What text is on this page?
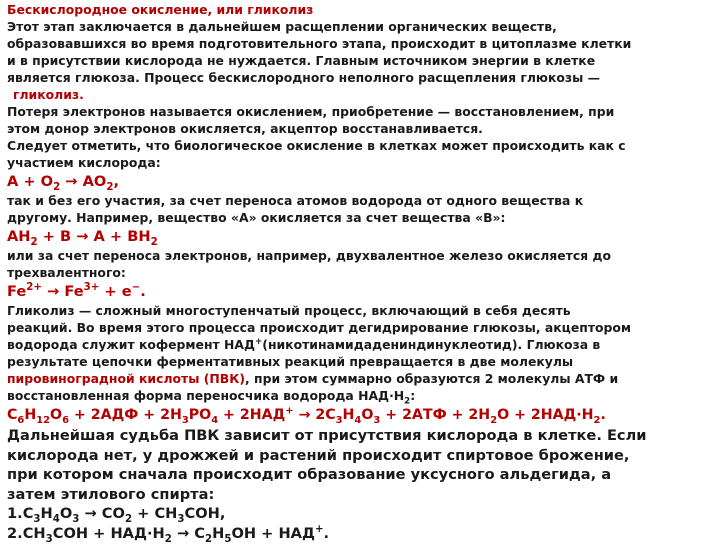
Бескислородное окисление, или гликолиз

Этот этап заключается в дальнейшем расщеплении органических веществ,

образовавшихся во время подготовительного этапа, происходит в цитоплазме клетки

и в присутствии кислорода не нуждается. Главным источником энергии в клетке

является глюкоза. Процесс бескислородного неполного расщепления глюкозы —

гликолиз.

Потеря электронов называется окислением, приобретение — восстановлением, при

этом донор электронов окисляется, акцептор восстанавливается.

Следует отметить, что биологическое окисление в клетках может происходить как с

участием кислорода:

$A + O_2 \to AO_2$,

так и без его участия, за счет переноса атомов водорода от одного вещества к

другому. Например, вещество «А» окисляется за счет вещества «В»:

$AH_2 + B \to A + BH_2$

или за счет переноса электронов, например, двухвалентное железо окисляется до

трехвалентного:

$Fe^{2+} \to Fe^{3+} + e^-$.

Гликолиз — сложный многоступенчатый процесс, включающий в себя десять

реакций. Во время этого процесса происходит дегидрирование глюкозы, акцептором

водорода служит кофермент НАД+(никотинамидадениндинуклеотид). Глюкоза в

результате цепочки ферментативных реакций превращается в две молекулы

пировиноградной кислоты (ПВК), при этом суммарно образуются 2 молекулы АТФ и

восстановленная форма переносчика водорода $НАД\cdot Н_2$:

$C_6H_{12}O_6 + 2АДФ + 2H_3PO_4 + 2НАД^+ \to 2C_3H_4O_3 + 2АТФ + 2H_2O + 2НАД\cdot H_2$.

Дальнейшая судьба ПВК зависит от присутствия кислорода в клетке. Если

кислорода нет, у дрожжей и растений происходит спиртовое брожение,

при котором сначала происходит образование уксусного альдегида, а

затем этилового спирта:

$1.C_3H_4O_3 \to CO_2 + CH_3COH$,

$2.CH_3COH + НАД\cdot H_2 \to C_2H_5OH + НАД^+$.
